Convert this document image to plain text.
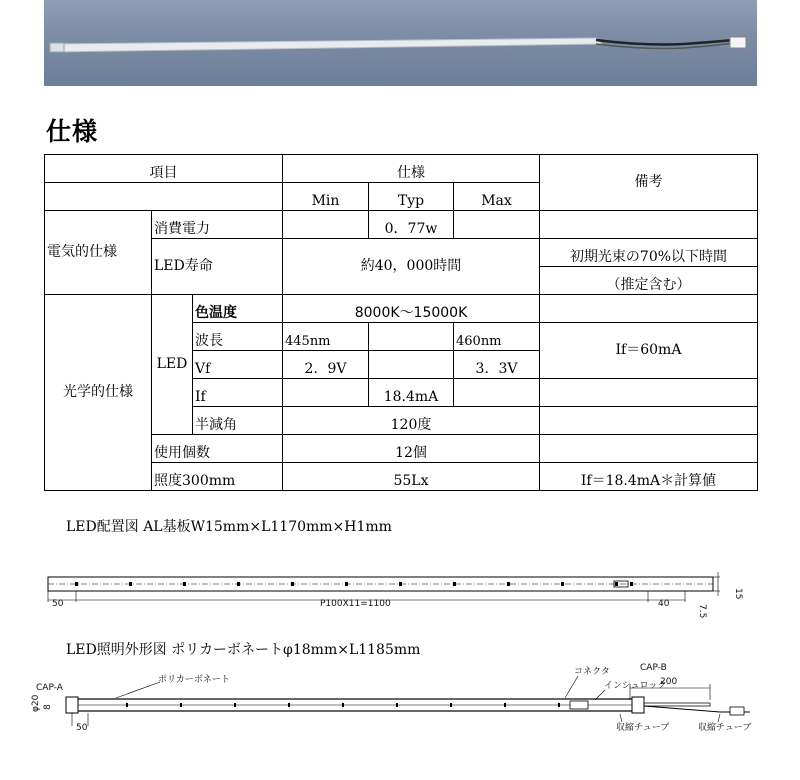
仕様
項目			仕様			備考
			Min	Typ	Max	
電気的仕様	消費電力			0．77w		
	LED寿命		約40，000時間			初期光束の70%以下時間
						（推定含む）
光学的仕様	LED	色温度	8000K～15000K			
		波長	445nm		460nm	If＝60mA
		Vf	2．9V		3．3V	
		If		18.4mA		
		半減角	120度			
	使用個数		12個			
	照度300mm		55Lx			If＝18.4mA＊計算値

LED配置図 AL基板W15mm×L1170mm×H1mm

50	P100X11=1100	40
15
7.5

LED照明外形図 ポリカーボネートφ18mm×L1185mm

CAP-A
ポリカーボネート
コネクタ	CAP-B
インシュロック
200
収縮チューブ	収縮チューブ
φ20 8
50
